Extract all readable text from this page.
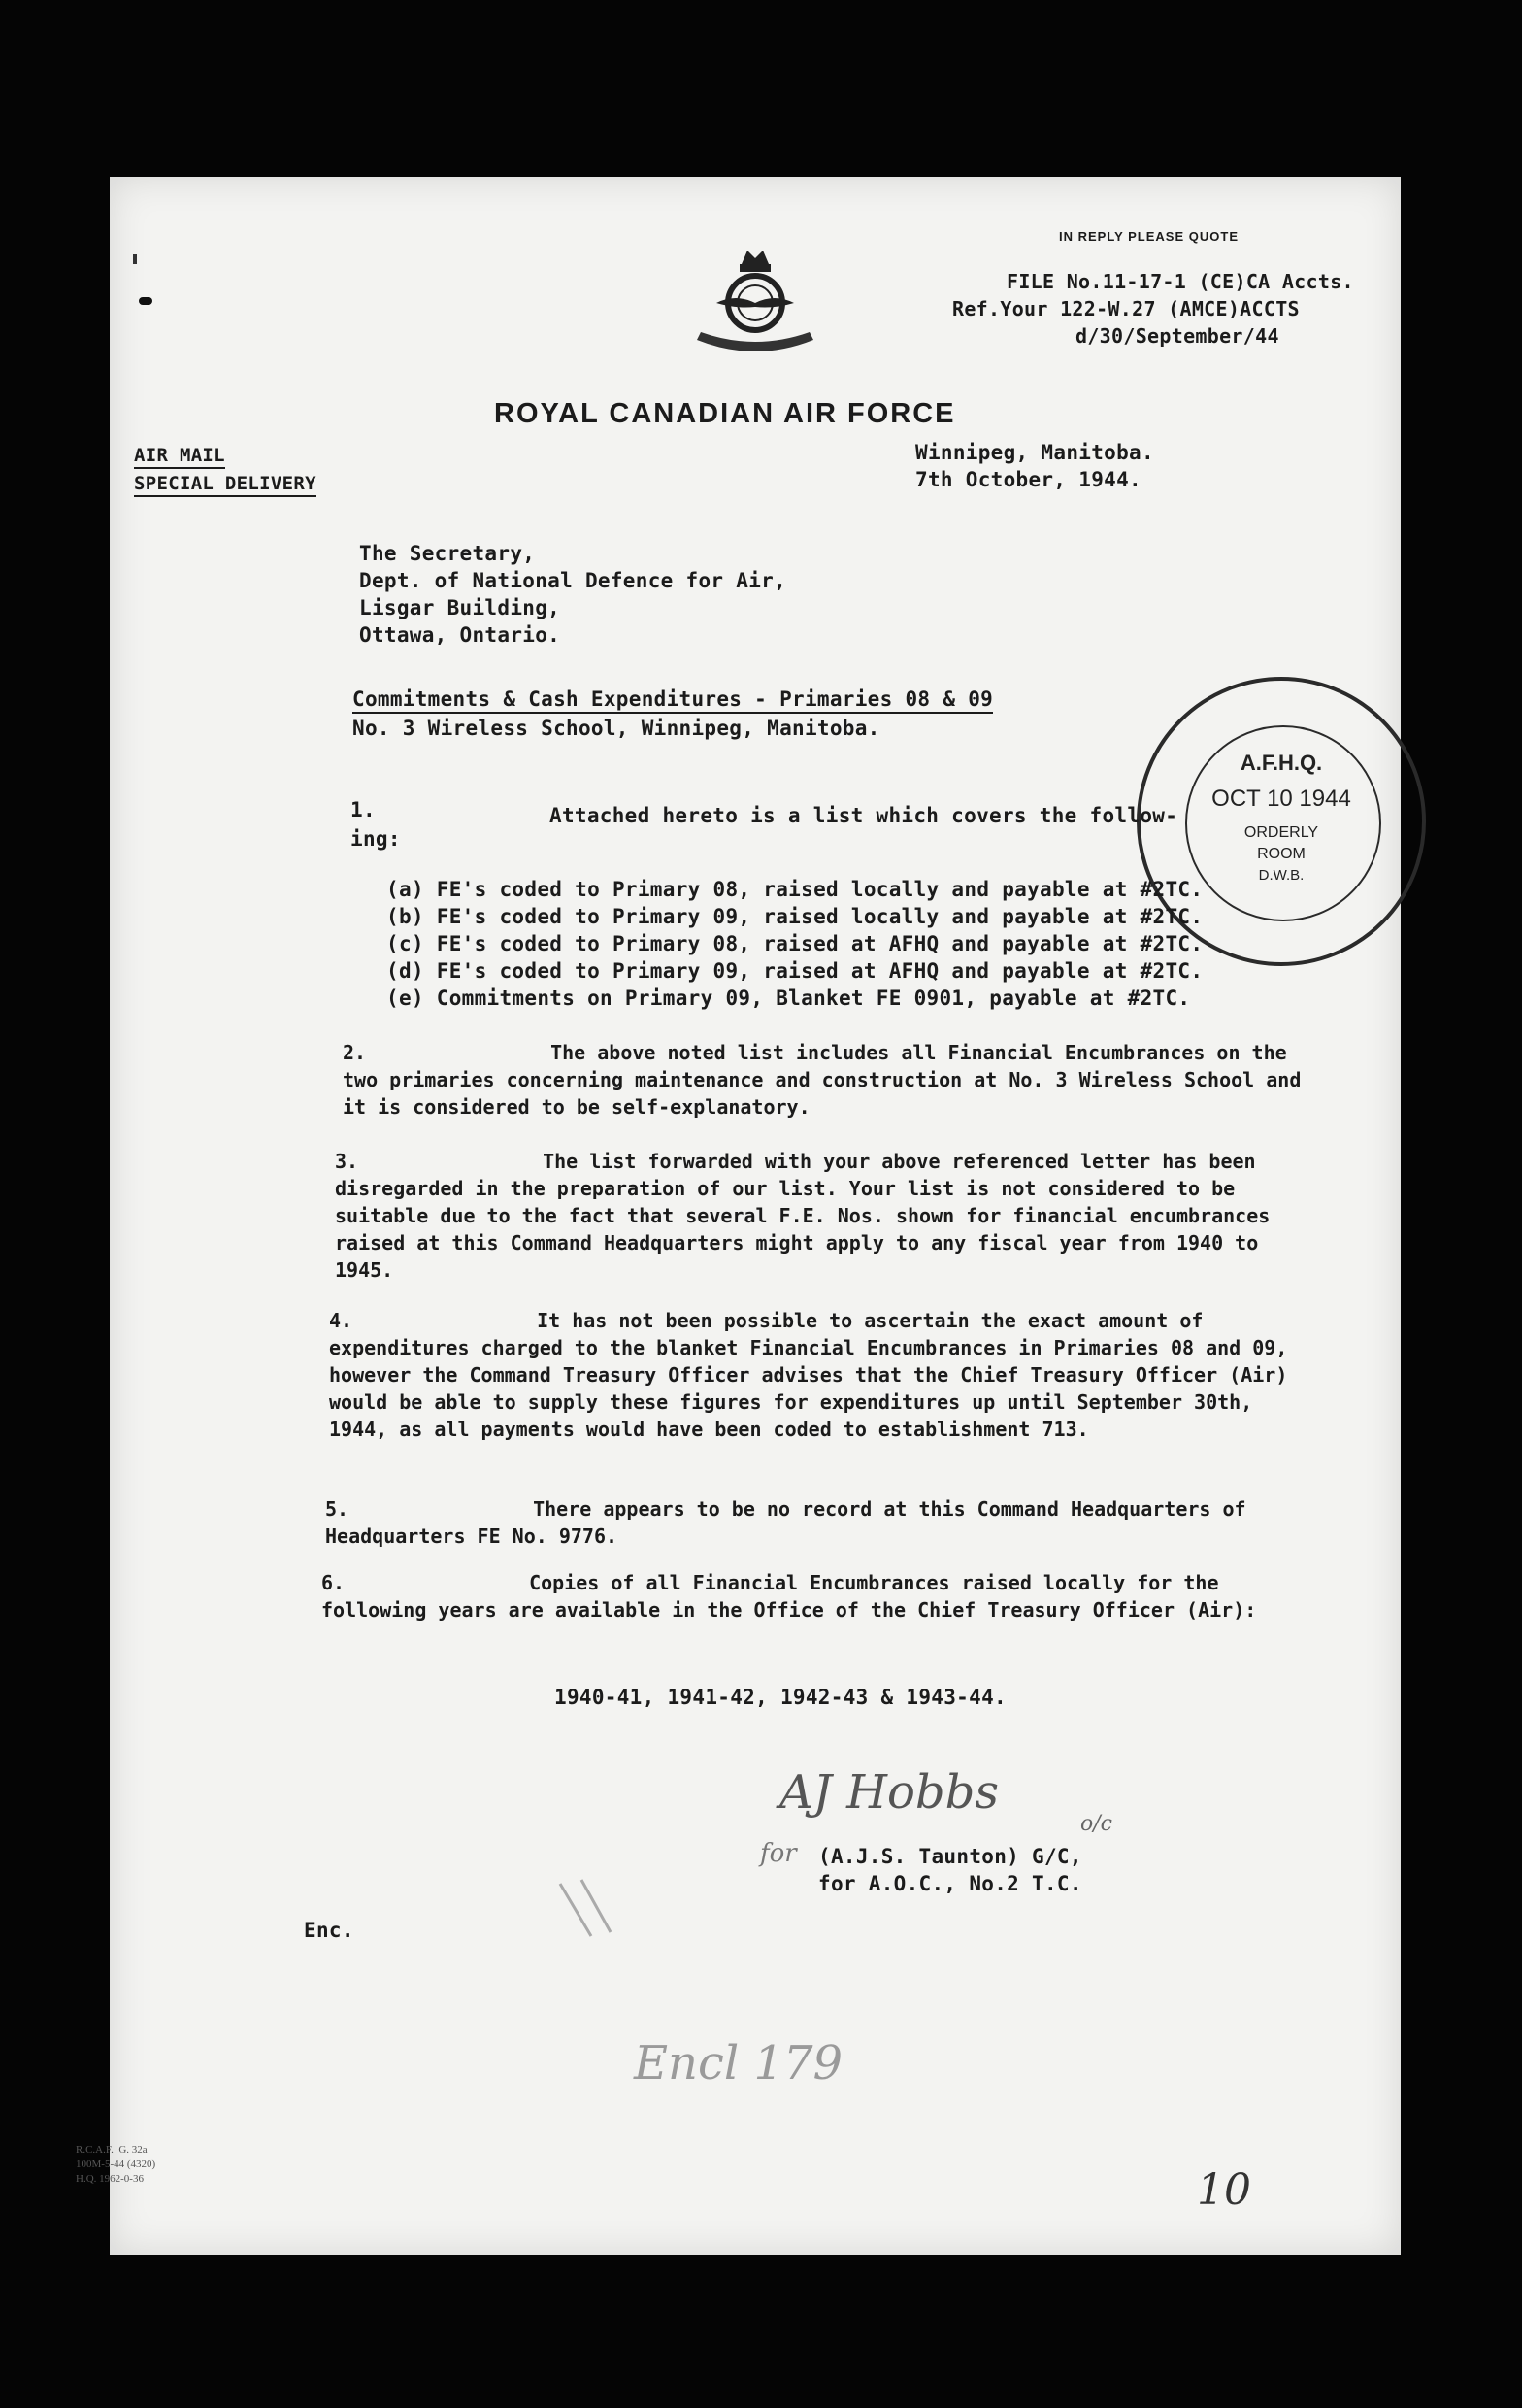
IN REPLY PLEASE QUOTE
FILE No.11-17-1 (CE)CA Accts.
Ref.Your 122-W.27 (AMCE)ACCTS
d/30/September/44
ROYAL CANADIAN AIR FORCE
AIR MAIL
SPECIAL DELIVERY
Winnipeg, Manitoba.
7th October, 1944.
A.F.H.Q.
OCT 10 1944
ORDERLY
ROOM
D.W.B.
The Secretary,
Dept. of National Defence for Air,
Lisgar Building,
Ottawa, Ontario.
Commitments & Cash Expenditures - Primaries 08 & 09
No. 3 Wireless School, Winnipeg, Manitoba.
1.	Attached hereto is a list which covers the follow-
ing:
(a) FE's coded to Primary 08, raised locally and payable at #2TC.
(b) FE's coded to Primary 09, raised locally and payable at #2TC.
(c) FE's coded to Primary 08, raised at AFHQ and payable at #2TC.
(d) FE's coded to Primary 09, raised at AFHQ and payable at #2TC.
(e) Commitments on Primary 09, Blanket FE 0901, payable at #2TC.
2.	The above noted list includes all Financial Encumbrances on the two primaries concerning maintenance and construction at No. 3 Wireless School and it is considered to be self-explanatory.
3.	The list forwarded with your above referenced letter has been disregarded in the preparation of our list. Your list is not considered to be suitable due to the fact that several F.E. Nos. shown for financial encumbrances raised at this Command Headquarters might apply to any fiscal year from 1940 to 1945.
4.	It has not been possible to ascertain the exact amount of expenditures charged to the blanket Financial Encumbrances in Primaries 08 and 09, however the Command Treasury Officer advises that the Chief Treasury Officer (Air) would be able to supply these figures for expenditures up until September 30th, 1944, as all payments would have been coded to establishment 713.
5.	There appears to be no record at this Command Headquarters of Headquarters FE No. 9776.
6.	Copies of all Financial Encumbrances raised locally for the following years are available in the Office of the Chief Treasury Officer (Air):
1940-41, 1941-42, 1942-43 & 1943-44.
AJ Hobbs
o/c
for (A.J.S. Taunton) G/C,
for A.O.C., No.2 T.C.
Enc.
Encl 179
10
R.C.A.F.  G. 32a
100M-5-44 (4320)
H.Q. 1962-0-36
